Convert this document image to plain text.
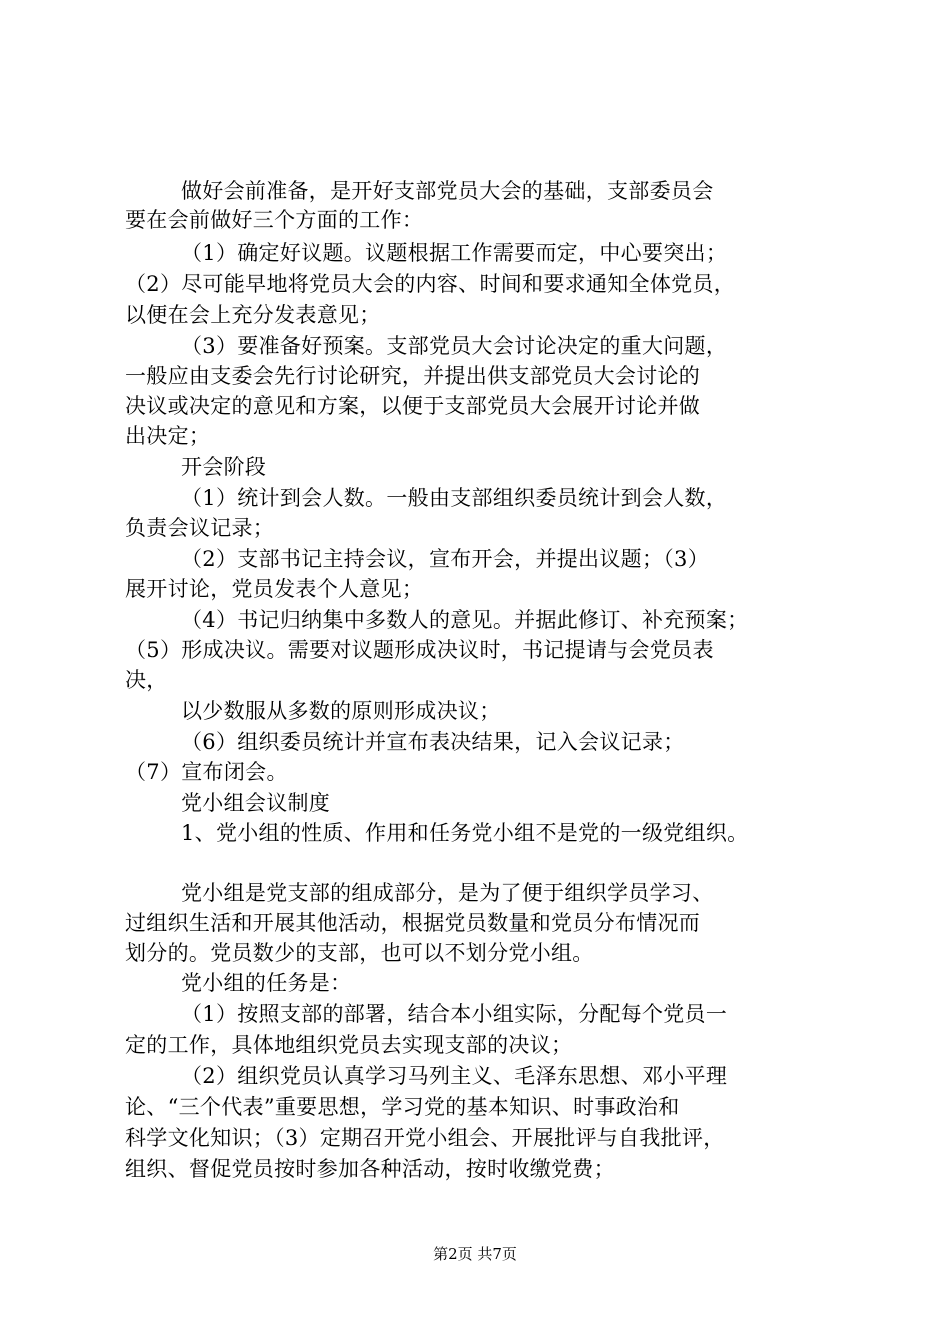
做好会前准备，是开好支部党员大会的基础，支部委员会
要在会前做好三个方面的工作：
（1）确定好议题。议题根据工作需要而定，中心要突出；
（2）尽可能早地将党员大会的内容、时间和要求通知全体党员，
以便在会上充分发表意见；
（3）要准备好预案。支部党员大会讨论决定的重大问题，
一般应由支委会先行讨论研究，并提出供支部党员大会讨论的
决议或决定的意见和方案，以便于支部党员大会展开讨论并做
出决定；
开会阶段
（1）统计到会人数。一般由支部组织委员统计到会人数，
负责会议记录；
（2）支部书记主持会议，宣布开会，并提出议题；（3）
展开讨论，党员发表个人意见；
（4）书记归纳集中多数人的意见。并据此修订、补充预案；
（5）形成决议。需要对议题形成决议时，书记提请与会党员表
决，
以少数服从多数的原则形成决议；
（6）组织委员统计并宣布表决结果，记入会议记录；
（7）宣布闭会。
党小组会议制度
1、党小组的性质、作用和任务党小组不是党的一级党组织。
党小组是党支部的组成部分，是为了便于组织学员学习、
过组织生活和开展其他活动，根据党员数量和党员分布情况而
划分的。党员数少的支部，也可以不划分党小组。
党小组的任务是：
（1）按照支部的部署，结合本小组实际，分配每个党员一
定的工作，具体地组织党员去实现支部的决议；
（2）组织党员认真学习马列主义、毛泽东思想、邓小平理
论、“三个代表”重要思想，学习党的基本知识、时事政治和
科学文化知识；（3）定期召开党小组会、开展批评与自我批评，
组织、督促党员按时参加各种活动，按时收缴党费；
第2页 共7页
